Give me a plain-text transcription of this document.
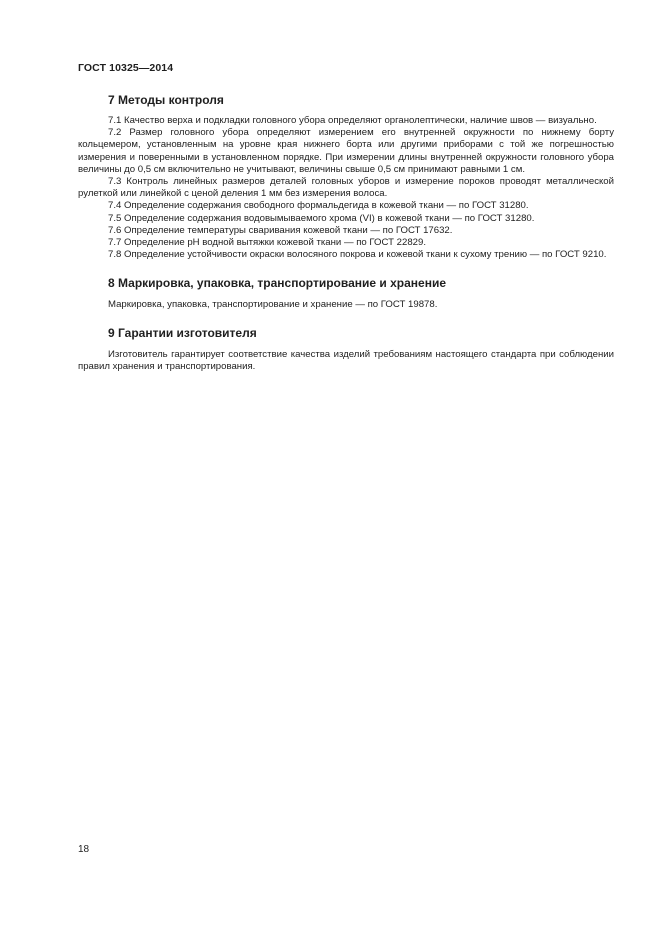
ГОСТ 10325—2014
7 Методы контроля

7.1 Качество верха и подкладки головного убора определяют органолептически, наличие швов — визуально.

7.2 Размер головного убора определяют измерением его внутренней окружности по нижнему борту кольцемером, установленным на уровне края нижнего борта или другими приборами с той же погрешностью измерения и поверенными в установленном порядке. При измерении длины внутренней окружности головного убора величины до 0,5 см включительно не учитывают, величины свыше 0,5 см принимают равными 1 см.

7.3 Контроль линейных размеров деталей головных уборов и измерение пороков проводят металлической рулеткой или линейкой с ценой деления 1 мм без измерения волоса.

7.4 Определение содержания свободного формальдегида в кожевой ткани — по ГОСТ 31280.

7.5 Определение содержания водовымываемого хрома (VI) в кожевой ткани — по ГОСТ 31280.

7.6 Определение температуры сваривания кожевой ткани — по ГОСТ 17632.

7.7 Определение pH водной вытяжки кожевой ткани — по ГОСТ 22829.

7.8 Определение устойчивости окраски волосяного покрова и кожевой ткани к сухому трению — по ГОСТ 9210.

8 Маркировка, упаковка, транспортирование и хранение

Маркировка, упаковка, транспортирование и хранение — по ГОСТ 19878.

9 Гарантии изготовителя

Изготовитель гарантирует соответствие качества изделий требованиям настоящего стандарта при соблюдении правил хранения и транспортирования.

18
